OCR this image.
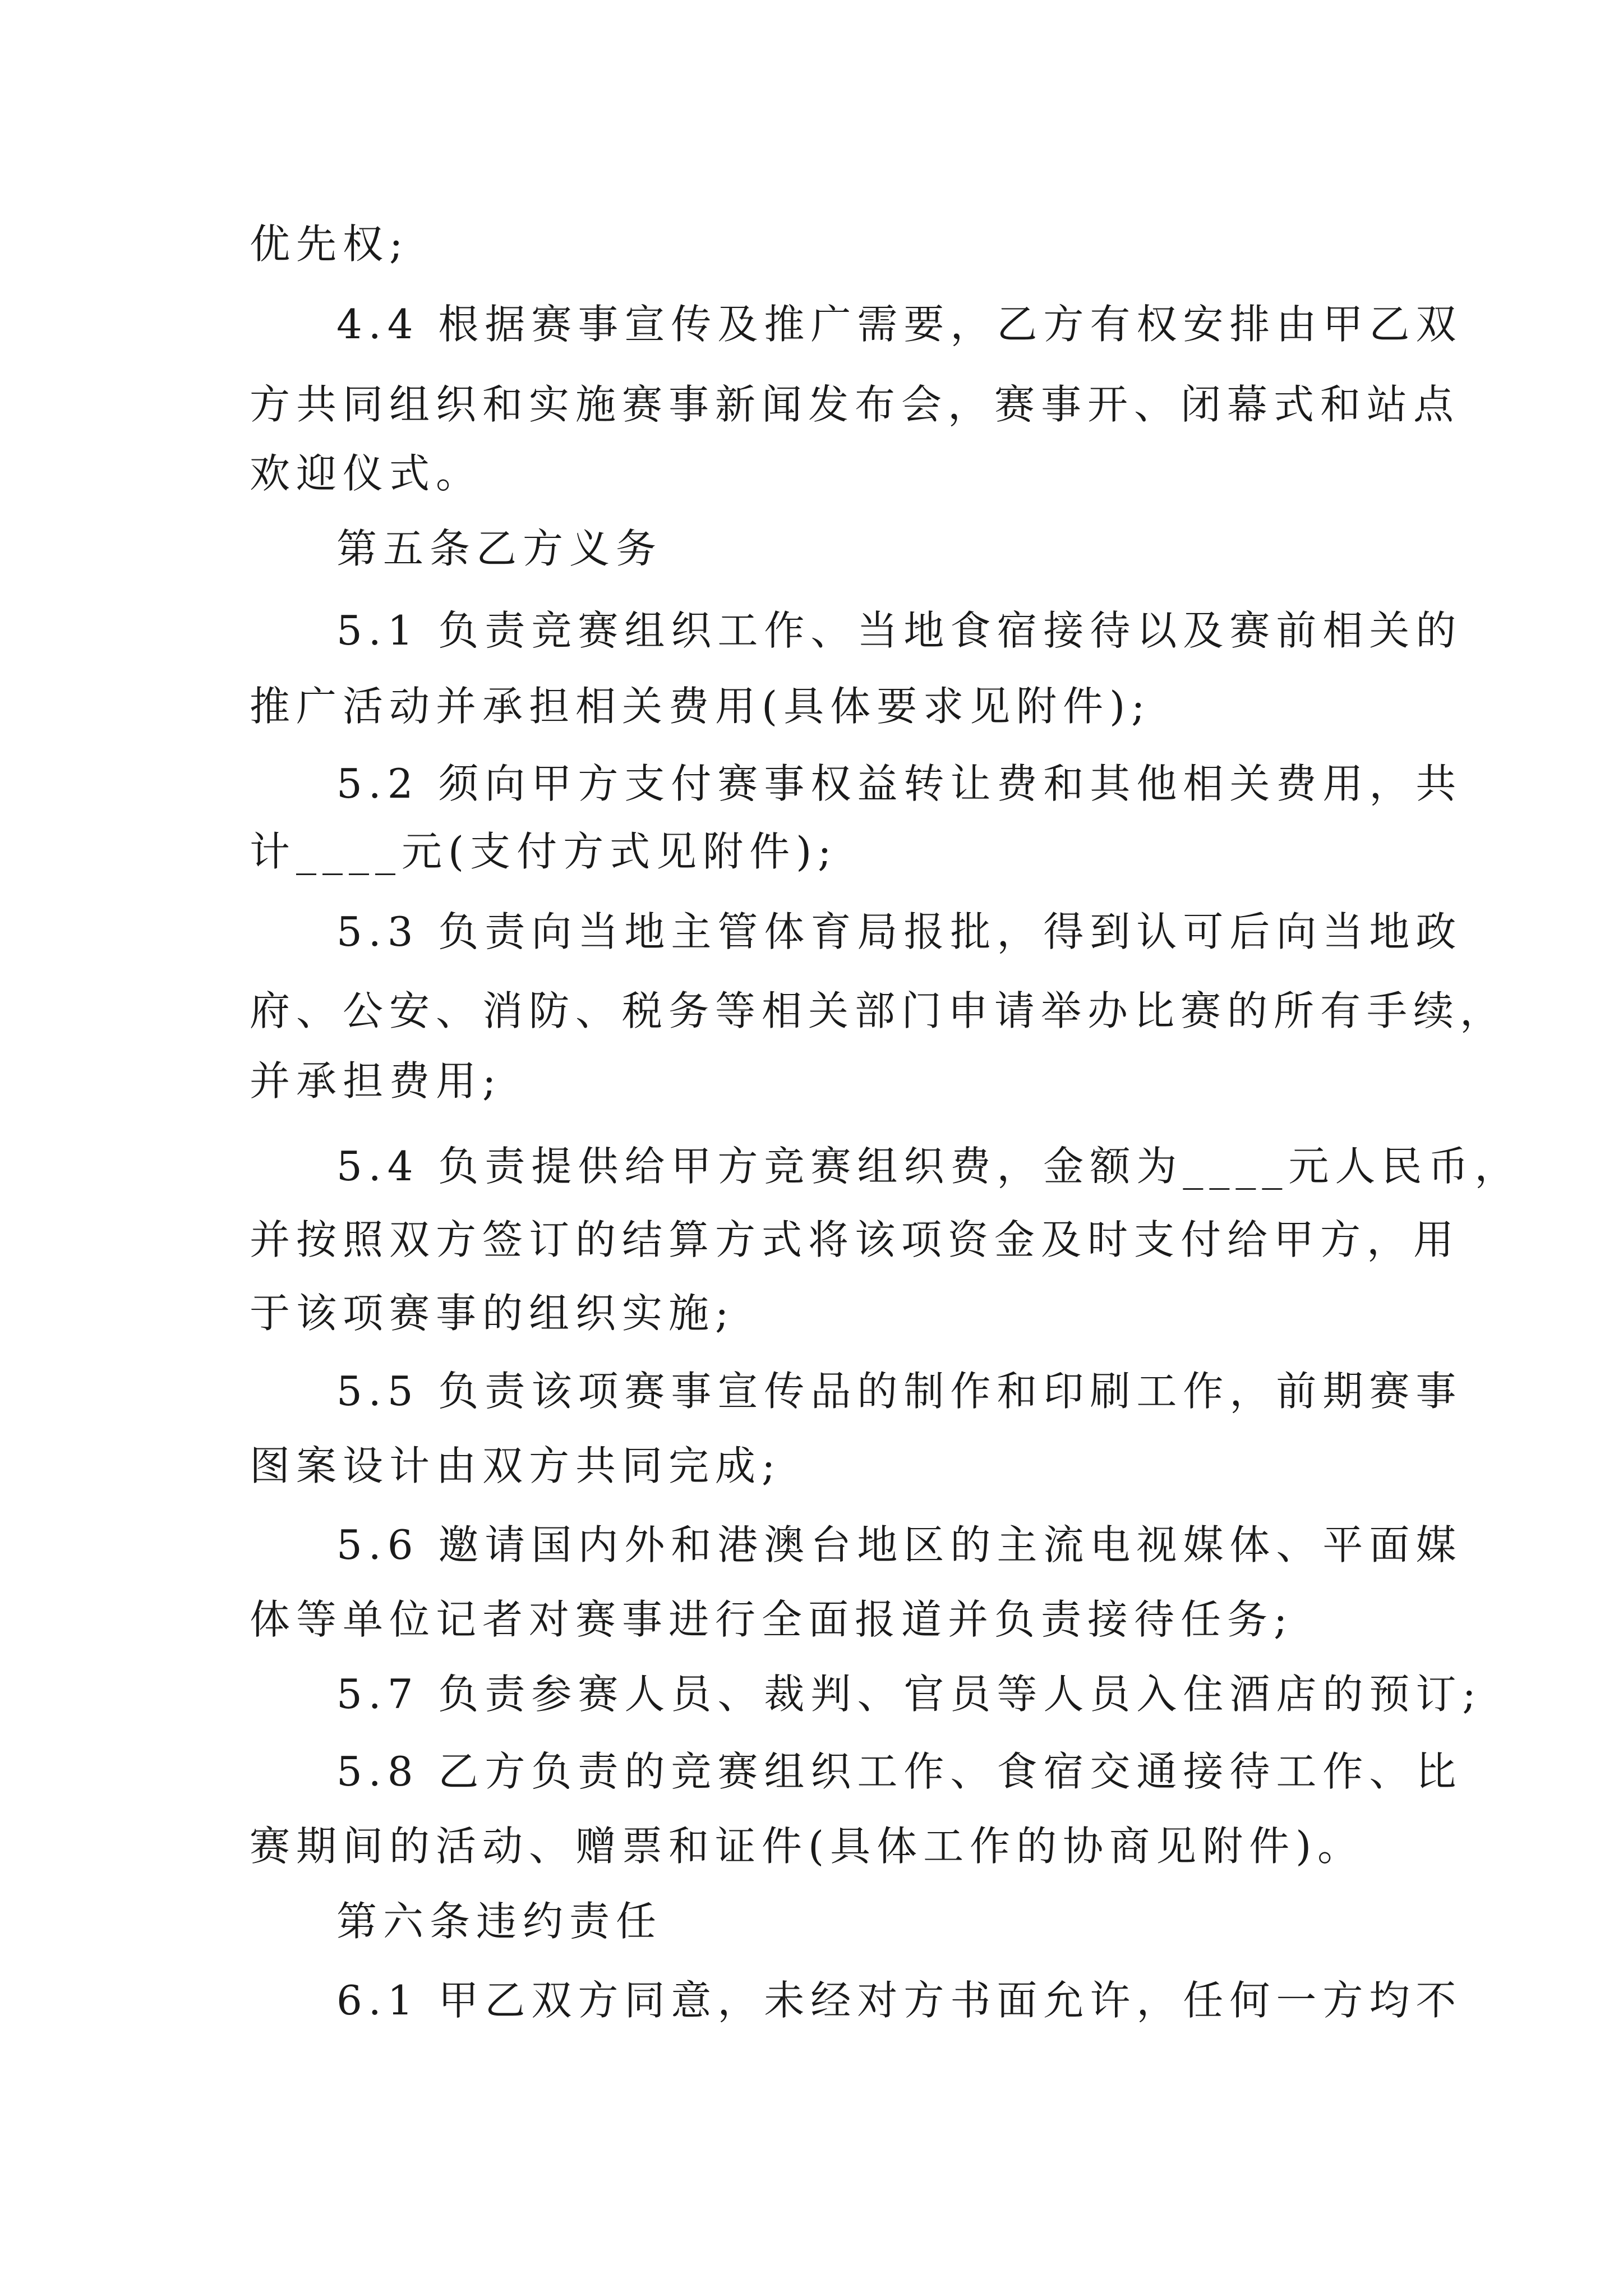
优先权;
4.4 根据赛事宣传及推广需要，乙方有权安排由甲乙双
方共同组织和实施赛事新闻发布会，赛事开、闭幕式和站点
欢迎仪式。
第五条乙方义务
5.1 负责竞赛组织工作、当地食宿接待以及赛前相关的
推广活动并承担相关费用(具体要求见附件);
5.2 须向甲方支付赛事权益转让费和其他相关费用，共
计____元(支付方式见附件);
5.3 负责向当地主管体育局报批，得到认可后向当地政
府、公安、消防、税务等相关部门申请举办比赛的所有手续，
并承担费用;
5.4 负责提供给甲方竞赛组织费，金额为____元人民币，
并按照双方签订的结算方式将该项资金及时支付给甲方，用
于该项赛事的组织实施;
5.5 负责该项赛事宣传品的制作和印刷工作，前期赛事
图案设计由双方共同完成;
5.6 邀请国内外和港澳台地区的主流电视媒体、平面媒
体等单位记者对赛事进行全面报道并负责接待任务;
5.7 负责参赛人员、裁判、官员等人员入住酒店的预订;
5.8 乙方负责的竞赛组织工作、食宿交通接待工作、比
赛期间的活动、赠票和证件(具体工作的协商见附件)。
第六条违约责任
6.1 甲乙双方同意，未经对方书面允许，任何一方均不
